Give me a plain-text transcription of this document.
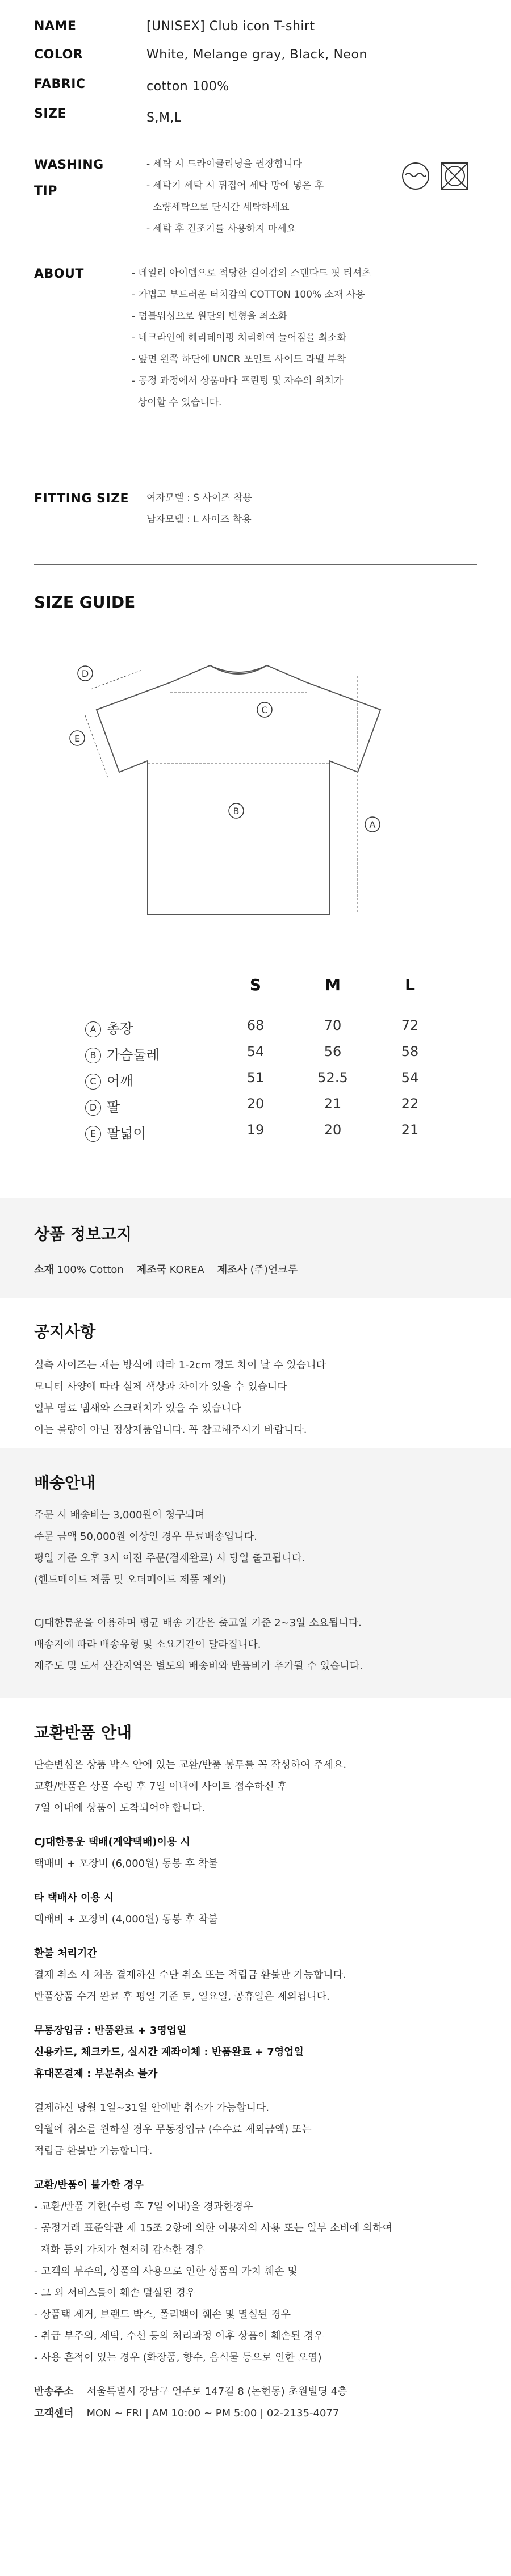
NAME	[UNISEX] Club icon T-shirt
COLOR	White, Melange gray, Black, Neon
FABRIC	cotton 100%
SIZE	S,M,L
WASHING
TIP
- 세탁 시 드라이클리닝을 권장합니다
- 세탁기 세탁 시 뒤집어 세탁 망에 넣은 후
소량세탁으로 단시간 세탁하세요
- 세탁 후 건조기를 사용하지 마세요
ABOUT	- 데일리 아이템으로 적당한 길이감의 스탠다드 핏 티셔츠
- 가볍고 부드러운 터치감의 COTTON 100% 소재 사용
- 덤블워싱으로 원단의 변형을 최소화
- 네크라인에 헤리테이핑 처리하여 늘어짐을 최소화
- 앞면 왼쪽 하단에 UNCR 포인트 사이드 라벨 부착
- 공정 과정에서 상품마다 프린팅 및 자수의 위치가
상이할 수 있습니다.
FITTING SIZE 여자모델 : S 사이즈 착용
남자모델 : L 사이즈 착용
SIZE GUIDE
D
E
C
B
A
S	M	L
A 총장	68	70	72
B 가슴둘레	54	56	58
C 어깨	51	52.5	54
D 팔	20	21	22
E 팔넓이	19	20	21
상품 정보고지
소재 100% Cotton 제조국 KOREA 제조사 (주)언크루
공지사항
실측 사이즈는 재는 방식에 따라 1-2cm 정도 차이 날 수 있습니다
모니터 사양에 따라 실제 색상과 차이가 있을 수 있습니다
일부 염료 냄새와 스크래치가 있을 수 있습니다
이는 불량이 아닌 정상제품입니다. 꼭 참고해주시기 바랍니다.
배송안내
주문 시 배송비는 3,000원이 청구되며
주문 금액 50,000원 이상인 경우 무료배송입니다.
평일 기준 오후 3시 이전 주문(결제완료) 시 당일 출고됩니다.
(핸드메이드 제품 및 오더메이드 제품 제외)
CJ대한통운을 이용하며 평균 배송 기간은 출고일 기준 2~3일 소요됩니다.
배송지에 따라 배송유형 및 소요기간이 달라집니다.
제주도 및 도서 산간지역은 별도의 배송비와 반품비가 추가될 수 있습니다.
교환반품 안내
단순변심은 상품 박스 안에 있는 교환/반품 봉투를 꼭 작성하여 주세요.
교환/반품은 상품 수령 후 7일 이내에 사이트 접수하신 후
7일 이내에 상품이 도착되어야 합니다.
CJ대한통운 택배(계약택배)이용 시
택배비 + 포장비 (6,000원) 동봉 후 착불
타 택배사 이용 시
택배비 + 포장비 (4,000원) 동봉 후 착불
환불 처리기간
결제 취소 시 처음 결제하신 수단 취소 또는 적립금 환불만 가능합니다.
반품상품 수거 완료 후 평일 기준 토, 일요일, 공휴일은 제외됩니다.
무통장입금 : 반품완료 + 3영업일
신용카드, 체크카드, 실시간 계좌이체 : 반품완료 + 7영업일
휴대폰결제 : 부분취소 불가
결제하신 당월 1일~31일 안에만 취소가 가능합니다.
익월에 취소를 원하실 경우 무통장입금 (수수료 제외금액) 또는
적립금 환불만 가능합니다.
교환/반품이 불가한 경우
- 교환/반품 기한(수령 후 7일 이내)을 경과한경우
- 공정거래 표준약관 제 15조 2항에 의한 이용자의 사용 또는 일부 소비에 의하여
재화 등의 가치가 현저히 감소한 경우
- 고객의 부주의, 상품의 사용으로 인한 상품의 가치 훼손 및
- 그 외 서비스들이 훼손 멸실된 경우
- 상품택 제거, 브랜드 박스, 폴리백이 훼손 및 멸실된 경우
- 취급 부주의, 세탁, 수선 등의 처리과정 이후 상품이 훼손된 경우
- 사용 흔적이 있는 경우 (화장품, 향수, 음식물 등으로 인한 오염)
반송주소 서울특별시 강남구 언주로 147길 8 (논현동) 초원빌딩 4층
고객센터 MON ~ FRI | AM 10:00 ~ PM 5:00 | 02-2135-4077
